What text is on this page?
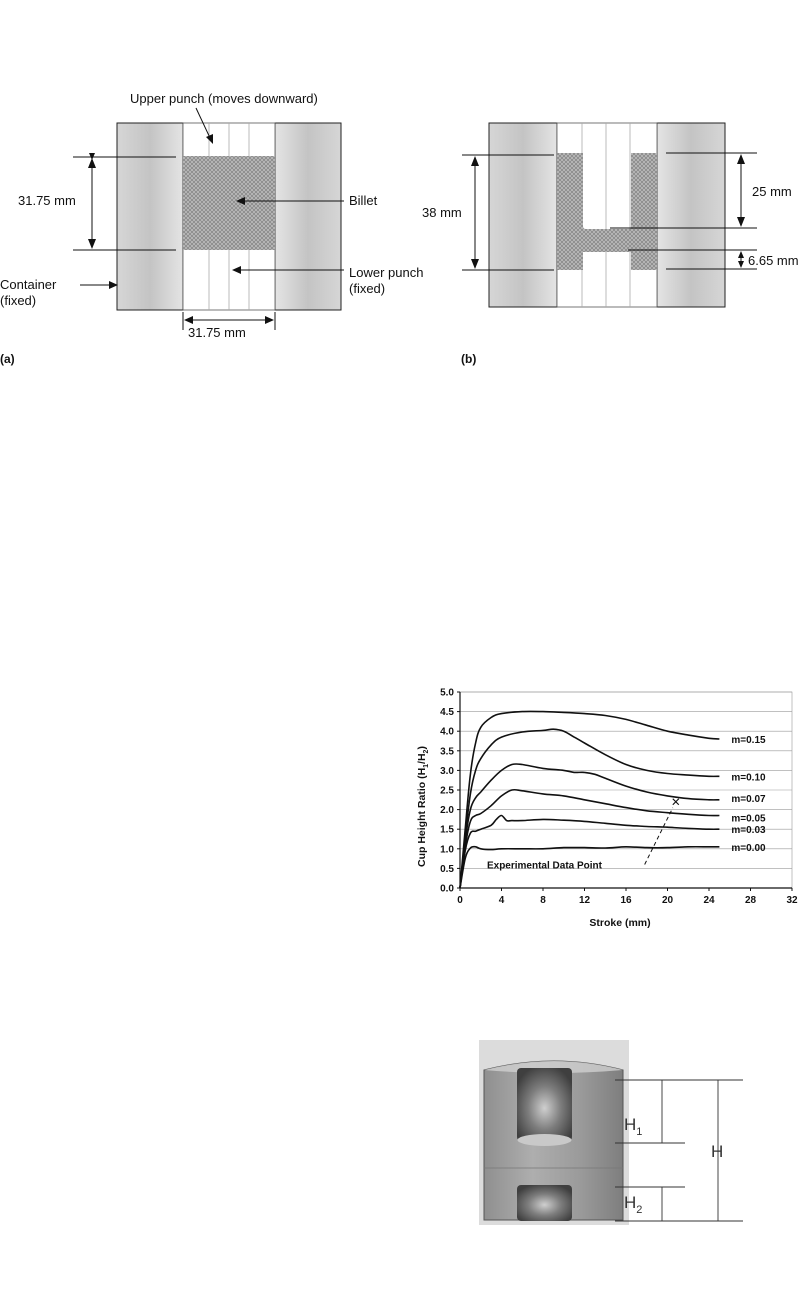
31.75 mm
Upper punch (moves downward)
Billet
Lower punch
(fixed)
Container
(fixed)
31.75 mm
(a)
38 mm
25 mm
6.65 mm
(b)
0.0
0.5
1.0
1.5
2.0
2.5
3.0
3.5
4.0
4.5
5.0
0	4	8	12	16	20	24	28	32
m=0.15
m=0.10
m=0.07
m=0.05
m=0.03
m=0.00
Experimental Data Point
Cup Height Ratio $(H_1/H_2)$
Stroke (mm)
$H_1$
$H_2$
H
